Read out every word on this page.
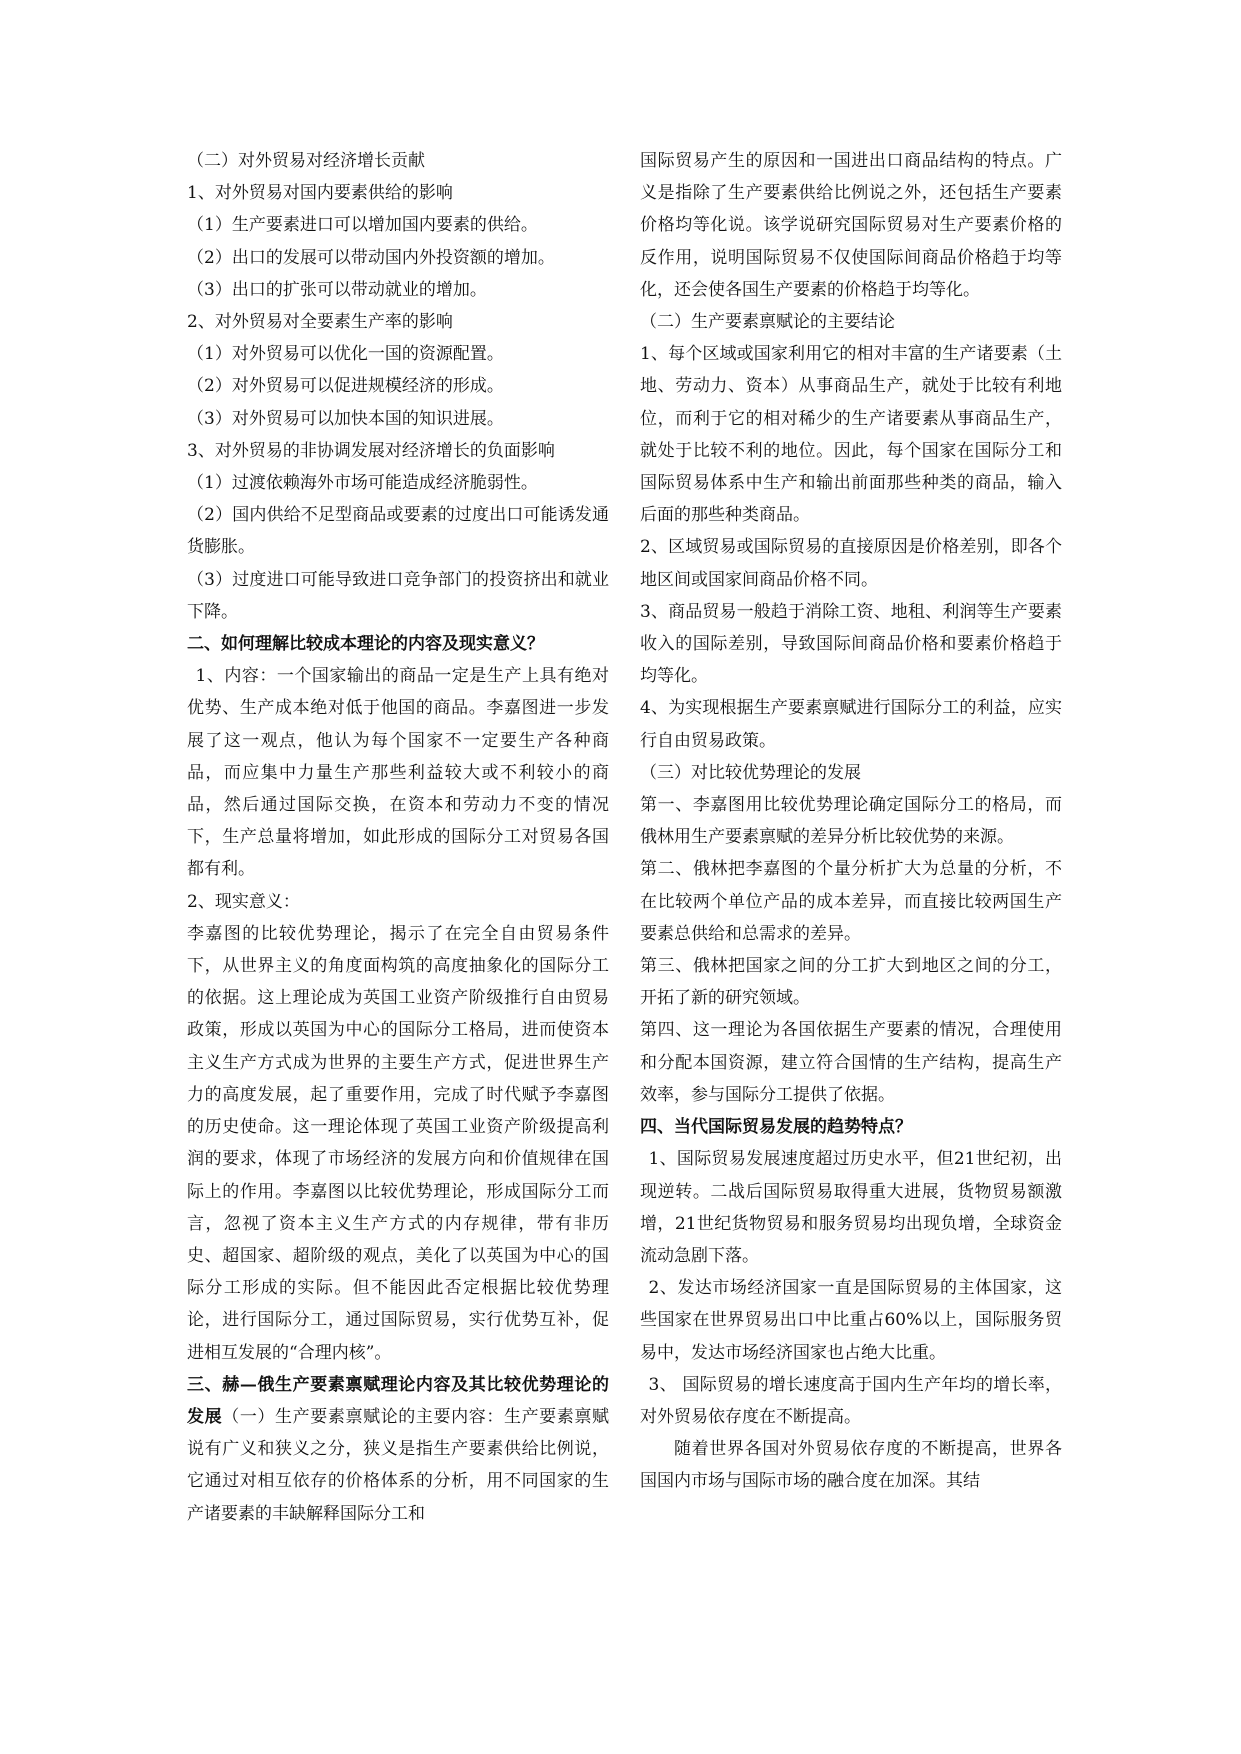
（二）对外贸易对经济增长贡献

1、对外贸易对国内要素供给的影响

（1）生产要素进口可以增加国内要素的供给。

（2）出口的发展可以带动国内外投资额的增加。

（3）出口的扩张可以带动就业的增加。

2、对外贸易对全要素生产率的影响

（1）对外贸易可以优化一国的资源配置。

（2）对外贸易可以促进规模经济的形成。

（3）对外贸易可以加快本国的知识进展。

3、对外贸易的非协调发展对经济增长的负面影响

（1）过渡依赖海外市场可能造成经济脆弱性。

（2）国内供给不足型商品或要素的过度出口可能诱发通货膨胀。

（3）过度进口可能导致进口竞争部门的投资挤出和就业下降。

二、如何理解比较成本理论的内容及现实意义？

1、内容：一个国家输出的商品一定是生产上具有绝对优势、生产成本绝对低于他国的商品。李嘉图进一步发展了这一观点，他认为每个国家不一定要生产各种商品，而应集中力量生产那些利益较大或不利较小的商品，然后通过国际交换，在资本和劳动力不变的情况下，生产总量将增加，如此形成的国际分工对贸易各国都有利。

2、现实意义：

李嘉图的比较优势理论，揭示了在完全自由贸易条件下，从世界主义的角度面构筑的高度抽象化的国际分工的依据。这上理论成为英国工业资产阶级推行自由贸易政策，形成以英国为中心的国际分工格局，进而使资本主义生产方式成为世界的主要生产方式，促进世界生产力的高度发展，起了重要作用，完成了时代赋予李嘉图的历史使命。这一理论体现了英国工业资产阶级提高利润的要求，体现了市场经济的发展方向和价值规律在国际上的作用。李嘉图以比较优势理论，形成国际分工而言，忽视了资本主义生产方式的内存规律，带有非历史、超国家、超阶级的观点，美化了以英国为中心的国际分工形成的实际。但不能因此否定根据比较优势理论，进行国际分工，通过国际贸易，实行优势互补，促进相互发展的“合理内核”。

三、赫—俄生产要素禀赋理论内容及其比较优势理论的发展（一）生产要素禀赋论的主要内容：生产要素禀赋说有广义和狭义之分，狭义是指生产要素供给比例说，它通过对相互依存的价格体系的分析，用不同国家的生产诸要素的丰缺解释国际分工和

国际贸易产生的原因和一国进出口商品结构的特点。广义是指除了生产要素供给比例说之外，还包括生产要素价格均等化说。该学说研究国际贸易对生产要素价格的反作用，说明国际贸易不仅使国际间商品价格趋于均等化，还会使各国生产要素的价格趋于均等化。

（二）生产要素禀赋论的主要结论

1、每个区域或国家利用它的相对丰富的生产诸要素（土地、劳动力、资本）从事商品生产，就处于比较有利地位，而利于它的相对稀少的生产诸要素从事商品生产，就处于比较不利的地位。因此，每个国家在国际分工和国际贸易体系中生产和输出前面那些种类的商品，输入后面的那些种类商品。

2、区域贸易或国际贸易的直接原因是价格差别，即各个地区间或国家间商品价格不同。

3、商品贸易一般趋于消除工资、地租、利润等生产要素收入的国际差别，导致国际间商品价格和要素价格趋于均等化。

4、为实现根据生产要素禀赋进行国际分工的利益，应实行自由贸易政策。

（三）对比较优势理论的发展

第一、李嘉图用比较优势理论确定国际分工的格局，而俄林用生产要素禀赋的差异分析比较优势的来源。

第二、俄林把李嘉图的个量分析扩大为总量的分析，不在比较两个单位产品的成本差异，而直接比较两国生产要素总供给和总需求的差异。

第三、俄林把国家之间的分工扩大到地区之间的分工，开拓了新的研究领域。

第四、这一理论为各国依据生产要素的情况，合理使用和分配本国资源，建立符合国情的生产结构，提高生产效率，参与国际分工提供了依据。

四、当代国际贸易发展的趋势特点？

1、国际贸易发展速度超过历史水平，但21世纪初，出现逆转。二战后国际贸易取得重大进展，货物贸易额激增，21世纪货物贸易和服务贸易均出现负增，全球资金流动急剧下落。

2、发达市场经济国家一直是国际贸易的主体国家，这些国家在世界贸易出口中比重占60%以上，国际服务贸易中，发达市场经济国家也占绝大比重。

3、 国际贸易的增长速度高于国内生产年均的增长率，对外贸易依存度在不断提高。

随着世界各国对外贸易依存度的不断提高，世界各国国内市场与国际市场的融合度在加深。其结
